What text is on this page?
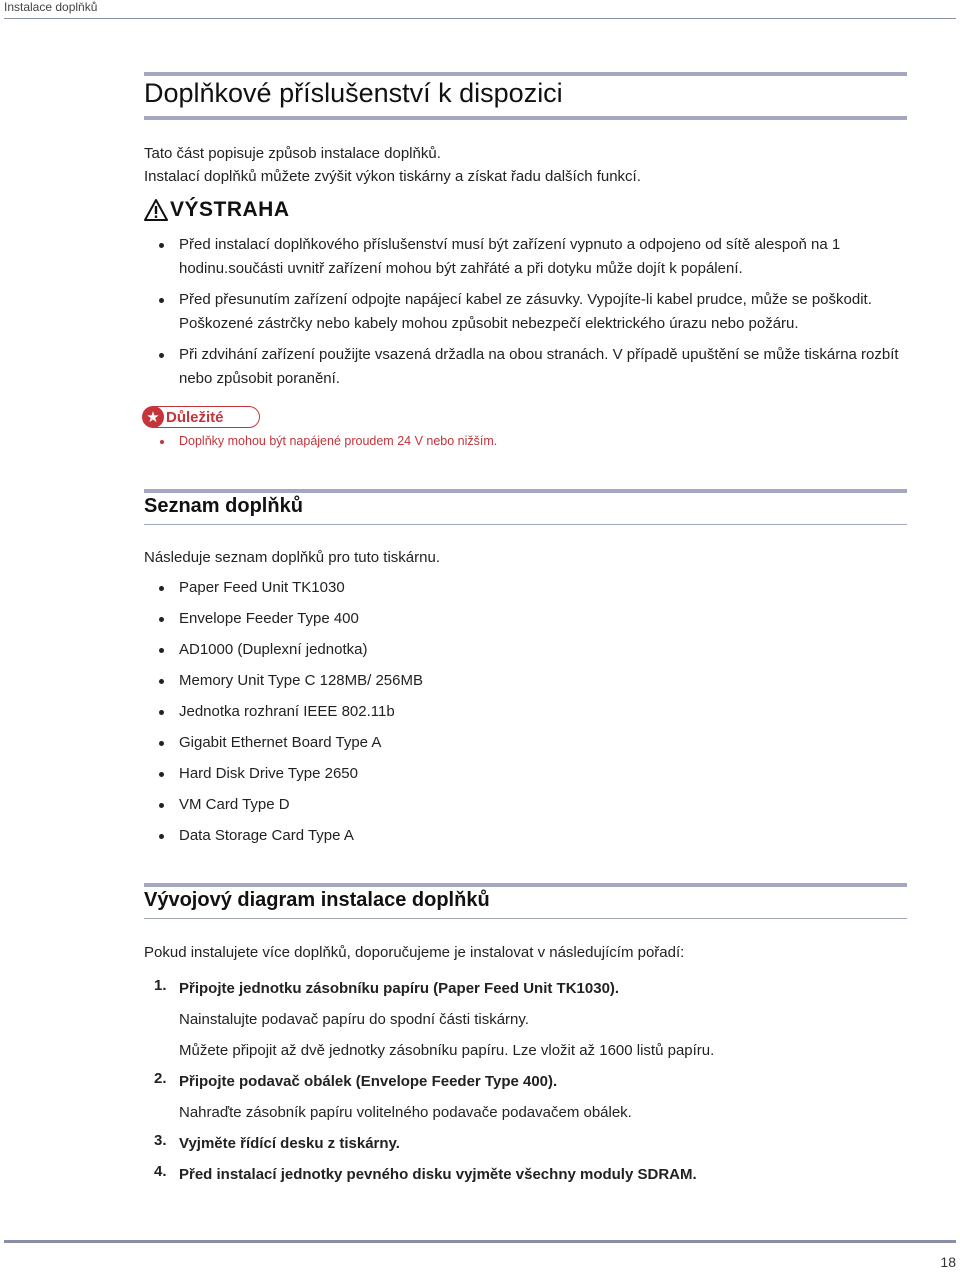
Instalace doplňků
Doplňkové příslušenství k dispozici

Tato část popisuje způsob instalace doplňků.

Instalací doplňků můžete zvýšit výkon tiskárny a získat řadu dalších funkcí.

VÝSTRAHA
Před instalací doplňkového příslušenství musí být zařízení vypnuto a odpojeno od sítě alespoň na 1 hodinu.součásti uvnitř zařízení mohou být zahřáté a při dotyku může dojít k popálení.
Před přesunutím zařízení odpojte napájecí kabel ze zásuvky. Vypojíte-li kabel prudce, může se poškodit. Poškozené zástrčky nebo kabely mohou způsobit nebezpečí elektrického úrazu nebo požáru.
Při zdvihání zařízení použijte vsazená držadla na obou stranách. V případě upuštění se může tiskárna rozbít nebo způsobit poranění.
★ Důležité
Doplňky mohou být napájené proudem 24 V nebo nižším.
Seznam doplňků

Následuje seznam doplňků pro tuto tiskárnu.

Paper Feed Unit TK1030
Envelope Feeder Type 400
AD1000 (Duplexní jednotka)
Memory Unit Type C 128MB/ 256MB
Jednotka rozhraní IEEE 802.11b
Gigabit Ethernet Board Type A
Hard Disk Drive Type 2650
VM Card Type D
Data Storage Card Type A
Vývojový diagram instalace doplňků

Pokud instalujete více doplňků, doporučujeme je instalovat v následujícím pořadí:

1. Připojte jednotku zásobníku papíru (Paper Feed Unit TK1030).
Nainstalujte podavač papíru do spodní části tiskárny.
Můžete připojit až dvě jednotky zásobníku papíru. Lze vložit až 1600 listů papíru.
2. Připojte podavač obálek (Envelope Feeder Type 400).
Nahraďte zásobník papíru volitelného podavače podavačem obálek.
3. Vyjměte řídící desku z tiskárny.
4. Před instalací jednotky pevného disku vyjměte všechny moduly SDRAM.
18
